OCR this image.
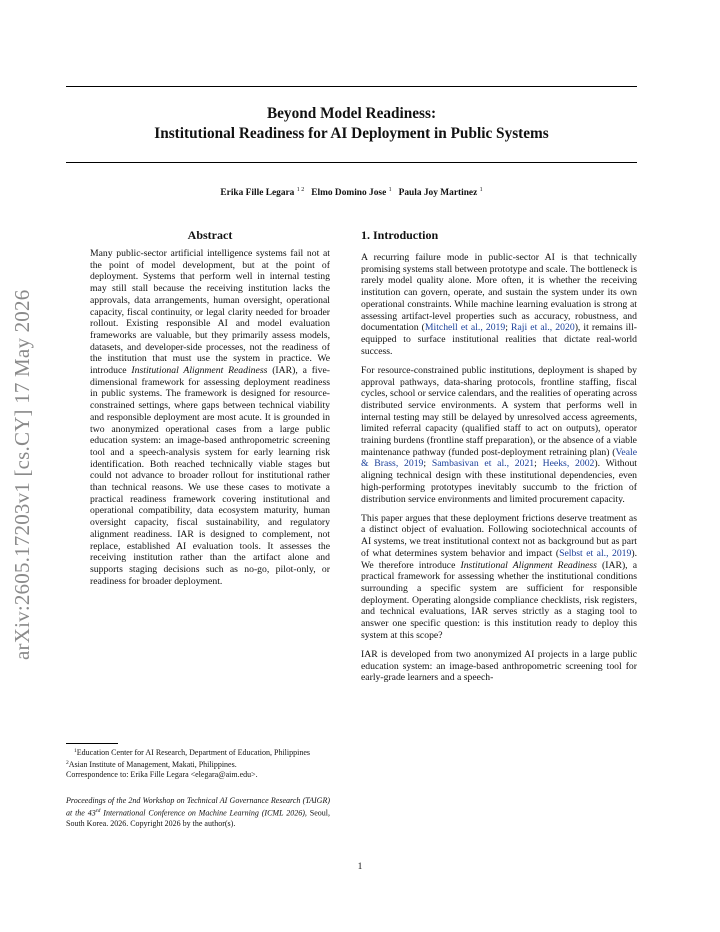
Beyond Model Readiness:
Institutional Readiness for AI Deployment in Public Systems
Erika Fille Legara $^{1 2}$ Elmo Domino Jose $^1$ Paula Joy Martinez $^1$
arXiv:2605.17203v1 [cs.CY] 17 May 2026
Abstract
Many public-sector artificial intelligence systems fail not at the point of model development, but at the point of deployment. Systems that perform well in internal testing may still stall because the receiving institution lacks the approvals, data arrangements, human oversight, operational capacity, fiscal continuity, or legal clarity needed for broader rollout. Existing responsible AI and model evaluation frameworks are valuable, but they primarily assess models, datasets, and developer-side processes, not the readiness of the institution that must use the system in practice. We introduce Institutional Alignment Readiness (IAR), a five-dimensional framework for assessing deployment readiness in public systems. The framework is designed for resource-constrained settings, where gaps between technical viability and responsible deployment are most acute. It is grounded in two anonymized operational cases from a large public education system: an image-based anthropometric screening tool and a speech-analysis system for early learning risk identification. Both reached technically viable stages but could not advance to broader rollout for institutional rather than technical reasons. We use these cases to motivate a practical readiness framework covering institutional and operational compatibility, data ecosystem maturity, human oversight capacity, fiscal sustainability, and regulatory alignment readiness. IAR is designed to complement, not replace, established AI evaluation tools. It assesses the receiving institution rather than the artifact alone and supports staging decisions such as no-go, pilot-only, or readiness for broader deployment.
1. Introduction

A recurring failure mode in public-sector AI is that technically promising systems stall between prototype and scale. The bottleneck is rarely model quality alone. More often, it is whether the receiving institution can govern, operate, and sustain the system under its own operational constraints. While machine learning evaluation is strong at assessing artifact-level properties such as accuracy, robustness, and documentation (Mitchell et al., 2019; Raji et al., 2020), it remains ill-equipped to surface institutional realities that dictate real-world success.

For resource-constrained public institutions, deployment is shaped by approval pathways, data-sharing protocols, frontline staffing, fiscal cycles, school or service calendars, and the realities of operating across distributed service environments. A system that performs well in internal testing may still be delayed by unresolved access agreements, limited referral capacity (qualified staff to act on outputs), operator training burdens (frontline staff preparation), or the absence of a viable maintenance pathway (funded post-deployment retraining plan) (Veale & Brass, 2019; Sambasivan et al., 2021; Heeks, 2002). Without aligning technical design with these institutional dependencies, even high-performing prototypes inevitably succumb to the friction of distribution service environments and limited procurement capacity.

This paper argues that these deployment frictions deserve treatment as a distinct object of evaluation. Following sociotechnical accounts of AI systems, we treat institutional context not as background but as part of what determines system behavior and impact (Selbst et al., 2019). We therefore introduce Institutional Alignment Readiness (IAR), a practical framework for assessing whether the institutional conditions surrounding a specific system are sufficient for responsible deployment. Operating alongside compliance checklists, risk registers, and technical evaluations, IAR serves strictly as a staging tool to answer one specific question: is this institution ready to deploy this system at this scope?

IAR is developed from two anonymized AI projects in a large public education system: an image-based anthropometric screening tool for early-grade learners and a speech-

$^1$Education Center for AI Research, Department of Education, Philippines $^2$Asian Institute of Management, Makati, Philippines.
Correspondence to: Erika Fille Legara <elegara@aim.edu>.
Proceedings of the 2nd Workshop on Technical AI Governance Research (TAIGR) at the 43rd International Conference on Machine Learning (ICML 2026), Seoul, South Korea. 2026. Copyright 2026 by the author(s).
1
